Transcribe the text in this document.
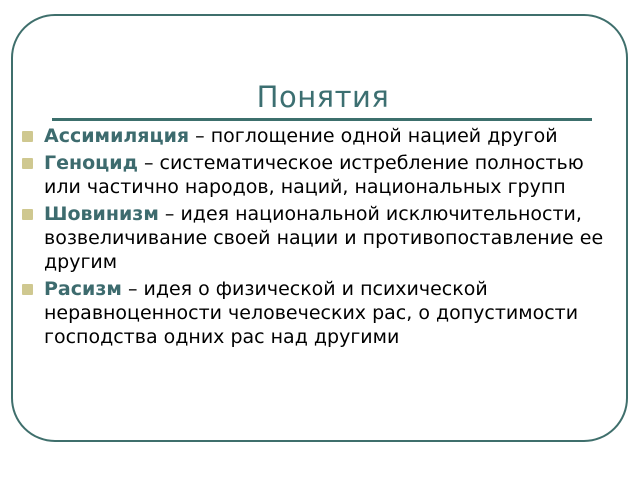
Понятия
Ассимиляция – поглощение одной нацией другой
Геноцид – систематическое истребление полностью или частично народов, наций, национальных групп
Шовинизм – идея национальной исключительности, возвеличивание своей нации и противопоставление ее другим
Расизм – идея о физической и психической неравноценности человеческих рас, о допустимости господства одних рас над другими
